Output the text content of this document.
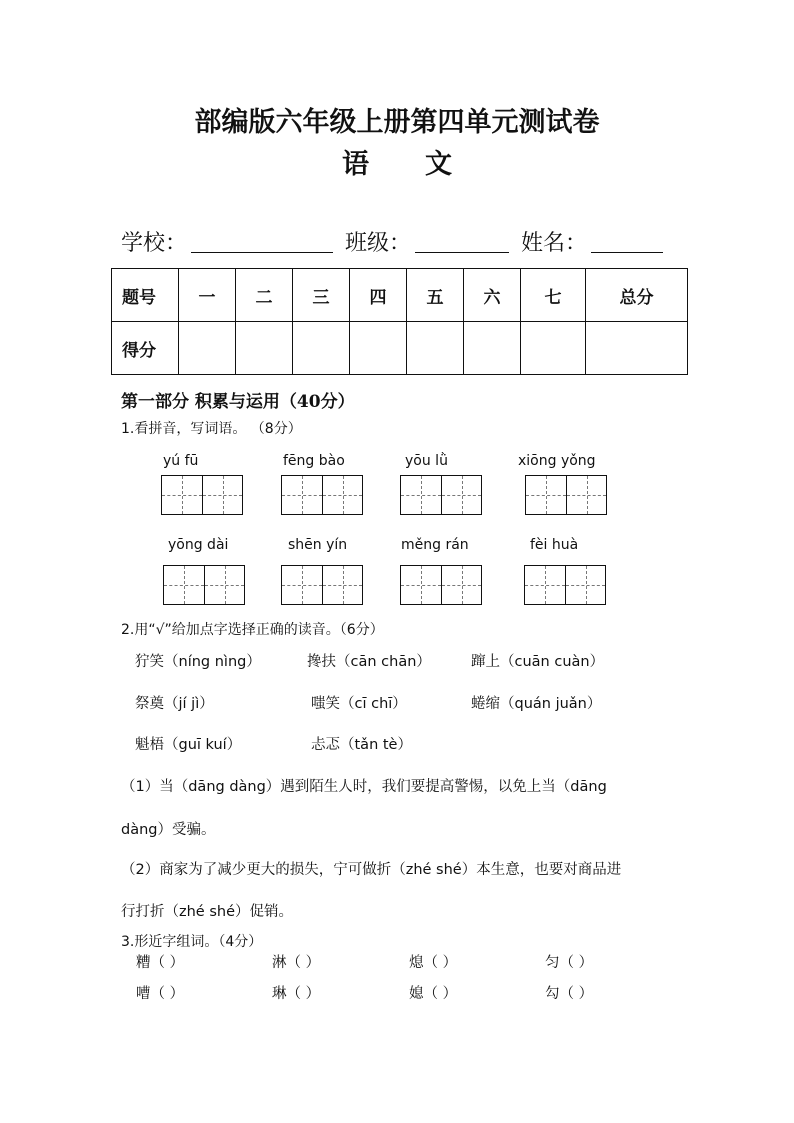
部编版六年级上册第四单元测试卷
语 文
学校：	班级：	姓名：
题号	一	二	三	四	五	六	七	总分
得分								
第一部分 积累与运用（40分）
1.看拼音，写词语。 （8分）
yú fū	fēng bào	yōu lǜ	xiōng yǒng
yōng dài	shēn yín	měng rán	fèi huà
2.用“√”给加点字选择正确的读音。（6分）
狞笑（níng nìng）	搀扶（cān chān）	蹿上（cuān cuàn）
祭奠（jí jì）	嗤笑（cī chī）	蜷缩（quán juǎn）
魁梧（guī kuí）	忐忑（tǎn tè）
（1）当（dāng dàng）遇到陌生人时，我们要提高警惕，以免上当（dāng
dàng）受骗。
（2）商家为了减少更大的损失，宁可做折（zhé shé）本生意，也要对商品进
行打折（zhé shé）促销。
3.形近字组词。（4分）
糟（ ）	淋（ ）	熄（ ）	匀（ ）
嘈（ ）	琳（ ）	媳（ ）	勾（ ）
